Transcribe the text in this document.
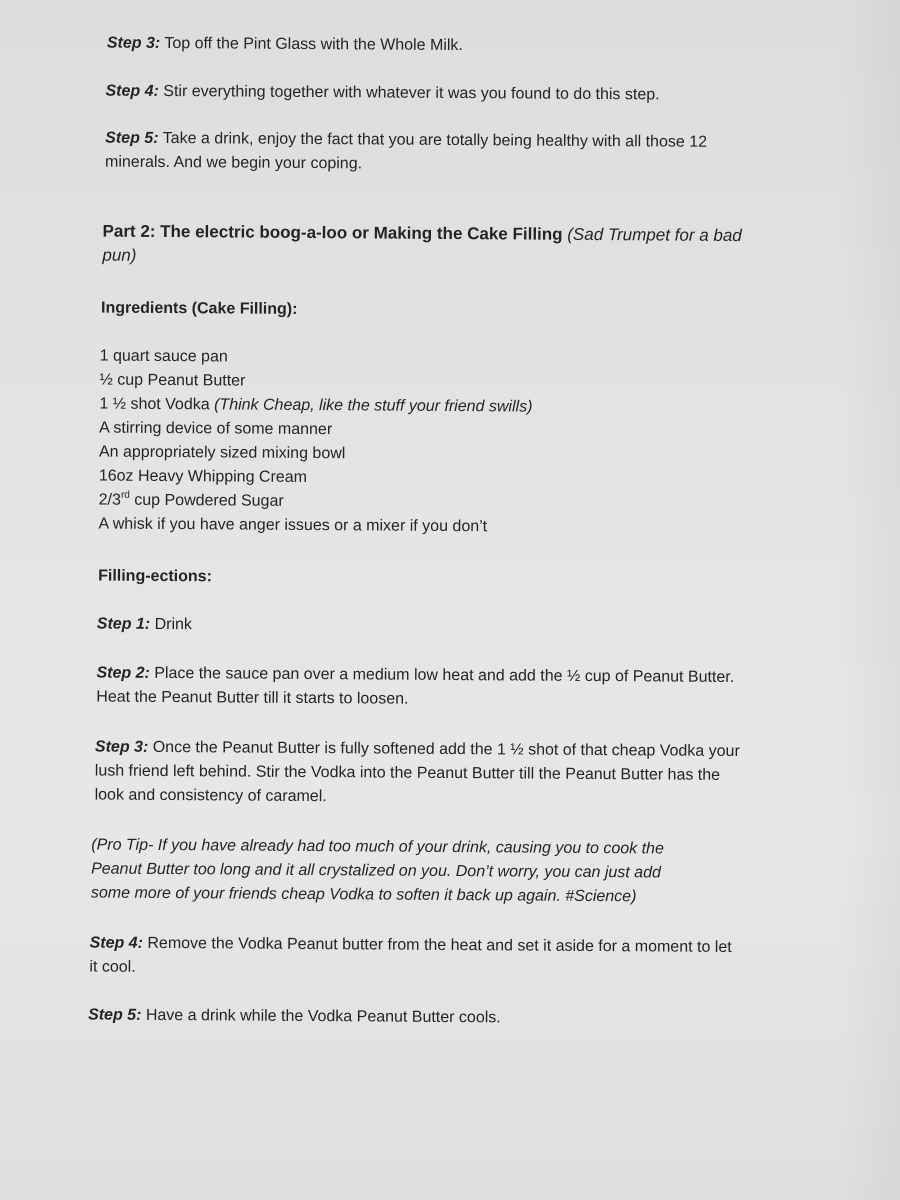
Step 3: Top off the Pint Glass with the Whole Milk.
Step 4: Stir everything together with whatever it was you found to do this step.
Step 5: Take a drink, enjoy the fact that you are totally being healthy with all those 12
minerals. And we begin your coping.
Part 2: The electric boog-a-loo or Making the Cake Filling (Sad Trumpet for a bad
pun)
Ingredients (Cake Filling):
1 quart sauce pan
½ cup Peanut Butter
1 ½ shot Vodka (Think Cheap, like the stuff your friend swills)
A stirring device of some manner
An appropriately sized mixing bowl
16oz Heavy Whipping Cream
2/3rd cup Powdered Sugar
A whisk if you have anger issues or a mixer if you don’t
Filling-ections:
Step 1: Drink
Step 2: Place the sauce pan over a medium low heat and add the ½ cup of Peanut Butter.
Heat the Peanut Butter till it starts to loosen.
Step 3: Once the Peanut Butter is fully softened add the 1 ½ shot of that cheap Vodka your
lush friend left behind. Stir the Vodka into the Peanut Butter till the Peanut Butter has the
look and consistency of caramel.
(Pro Tip- If you have already had too much of your drink, causing you to cook the
Peanut Butter too long and it all crystalized on you. Don’t worry, you can just add
some more of your friends cheap Vodka to soften it back up again. #Science)
Step 4: Remove the Vodka Peanut butter from the heat and set it aside for a moment to let
it cool.
Step 5: Have a drink while the Vodka Peanut Butter cools.
